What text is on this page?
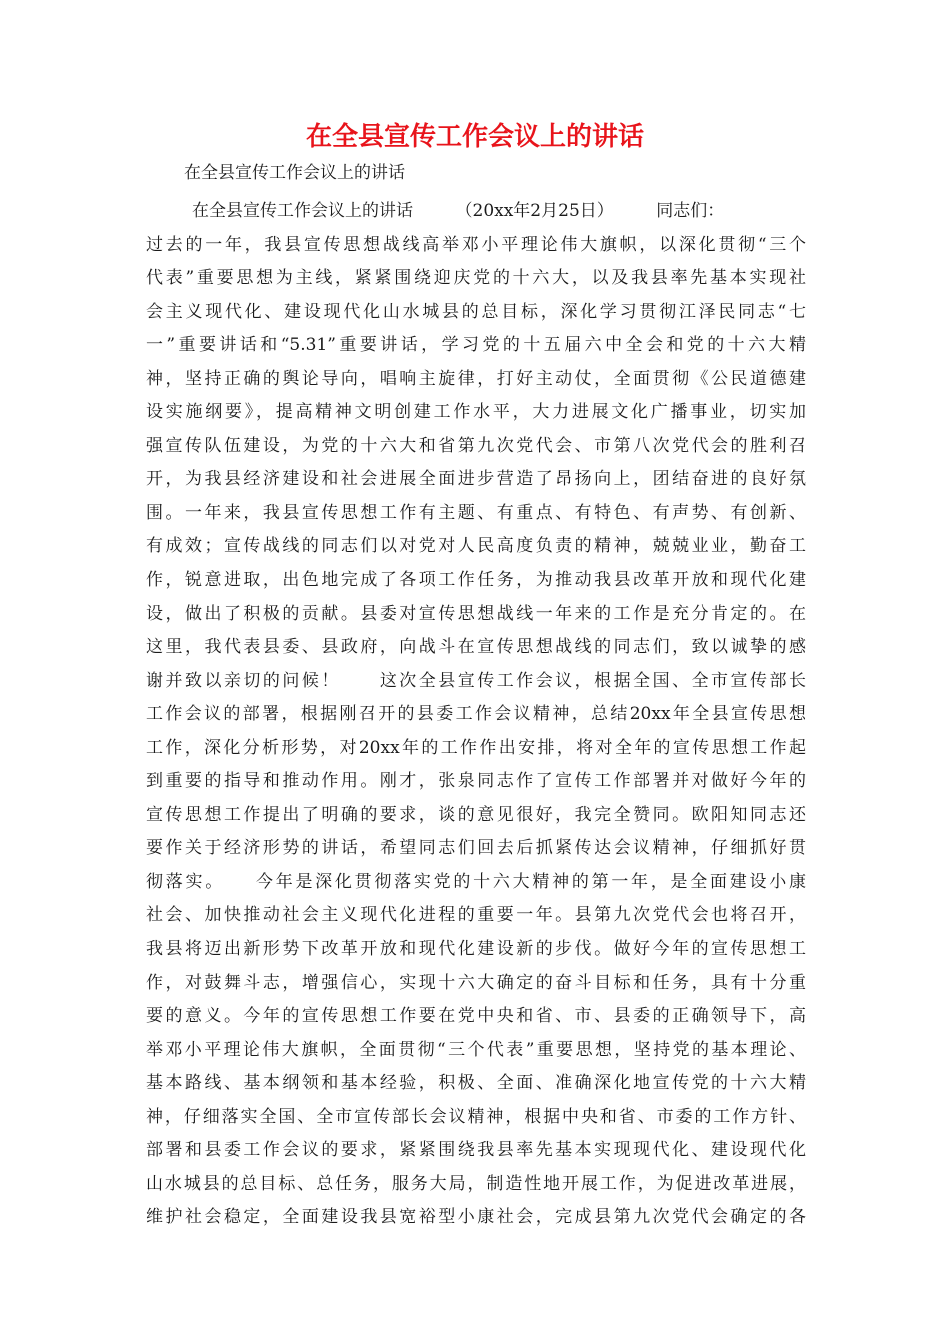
在全县宣传工作会议上的讲话
在全县宣传工作会议上的讲话
在全县宣传工作会议上的讲话　　　（20xx年2月25日）　　　同志们：
过去的一年，我县宣传思想战线高举邓小平理论伟大旗帜，以深化贯彻“三个
代表”重要思想为主线，紧紧围绕迎庆党的十六大，以及我县率先基本实现社
会主义现代化、建设现代化山水城县的总目标，深化学习贯彻江泽民同志“七
一”重要讲话和“5.31”重要讲话，学习党的十五届六中全会和党的十六大精
神，坚持正确的舆论导向，唱响主旋律，打好主动仗，全面贯彻《公民道德建
设实施纲要》，提高精神文明创建工作水平，大力进展文化广播事业，切实加
强宣传队伍建设，为党的十六大和省第九次党代会、市第八次党代会的胜利召
开，为我县经济建设和社会进展全面进步营造了昂扬向上，团结奋进的良好氛
围。一年来，我县宣传思想工作有主题、有重点、有特色、有声势、有创新、
有成效；宣传战线的同志们以对党对人民高度负责的精神，兢兢业业，勤奋工
作，锐意进取，出色地完成了各项工作任务，为推动我县改革开放和现代化建
设，做出了积极的贡献。县委对宣传思想战线一年来的工作是充分肯定的。在
这里，我代表县委、县政府，向战斗在宣传思想战线的同志们，致以诚挚的感
谢并致以亲切的问候！　　这次全县宣传工作会议，根据全国、全市宣传部长
工作会议的部署，根据刚召开的县委工作会议精神，总结20xx年全县宣传思想
工作，深化分析形势，对20xx年的工作作出安排，将对全年的宣传思想工作起
到重要的指导和推动作用。刚才，张泉同志作了宣传工作部署并对做好今年的
宣传思想工作提出了明确的要求，谈的意见很好，我完全赞同。欧阳知同志还
要作关于经济形势的讲话，希望同志们回去后抓紧传达会议精神，仔细抓好贯
彻落实。　　今年是深化贯彻落实党的十六大精神的第一年，是全面建设小康
社会、加快推动社会主义现代化进程的重要一年。县第九次党代会也将召开，
我县将迈出新形势下改革开放和现代化建设新的步伐。做好今年的宣传思想工
作，对鼓舞斗志，增强信心，实现十六大确定的奋斗目标和任务，具有十分重
要的意义。今年的宣传思想工作要在党中央和省、市、县委的正确领导下，高
举邓小平理论伟大旗帜，全面贯彻“三个代表”重要思想，坚持党的基本理论、
基本路线、基本纲领和基本经验，积极、全面、准确深化地宣传党的十六大精
神，仔细落实全国、全市宣传部长会议精神，根据中央和省、市委的工作方针、
部署和县委工作会议的要求，紧紧围绕我县率先基本实现现代化、建设现代化
山水城县的总目标、总任务，服务大局，制造性地开展工作，为促进改革进展，
维护社会稳定，全面建设我县宽裕型小康社会，完成县第九次党代会确定的各
